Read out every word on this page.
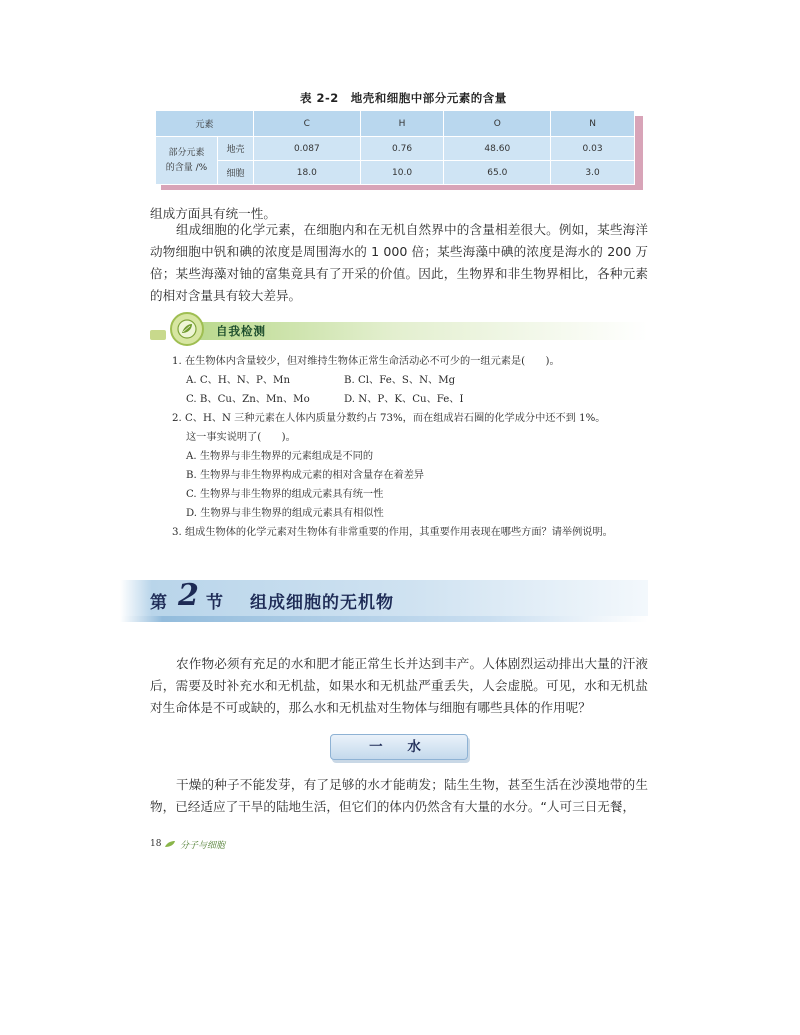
表 2-2　地壳和细胞中部分元素的含量
元素		C	H	O	N

部分元素
的含量 /%	地壳	0.087	0.76	48.60	0.03
	细胞	18.0	10.0	65.0	3.0
组成方面具有统一性。
组成细胞的化学元素，在细胞内和在无机自然界中的含量相差很大。例如，某些海洋动物细胞中钒和碘的浓度是周围海水的 1 000 倍；某些海藻中碘的浓度是海水的 200 万倍；某些海藻对铀的富集竟具有了开采的价值。因此，生物界和非生物界相比，各种元素的相对含量具有较大差异。
自我检测
1. 在生物体内含量较少，但对维持生物体正常生命活动必不可少的一组元素是(　　)。
A. C、H、N、P、Mn	B. Cl、Fe、S、N、Mg
C. B、Cu、Zn、Mn、Mo	D. N、P、K、Cu、Fe、I
2. C、H、N 三种元素在人体内质量分数约占 73%，而在组成岩石圈的化学成分中还不到 1%。
这一事实说明了(　　)。
A. 生物界与非生物界的元素组成是不同的
B. 生物界与非生物界构成元素的相对含量存在着差异
C. 生物界与非生物界的组成元素具有统一性
D. 生物界与非生物界的组成元素具有相似性
3. 组成生物体的化学元素对生物体有非常重要的作用，其重要作用表现在哪些方面？请举例说明。
第 2 节 组成细胞的无机物
农作物必须有充足的水和肥才能正常生长并达到丰产。人体剧烈运动排出大量的汗液后，需要及时补充水和无机盐，如果水和无机盐严重丢失，人会虚脱。可见，水和无机盐对生命体是不可或缺的，那么水和无机盐对生物体与细胞有哪些具体的作用呢？
一 水
干燥的种子不能发芽，有了足够的水才能萌发；陆生生物，甚至生活在沙漠地带的生物，已经适应了干旱的陆地生活，但它们的体内仍然含有大量的水分。“人可三日无餐，
18 分子与细胞
